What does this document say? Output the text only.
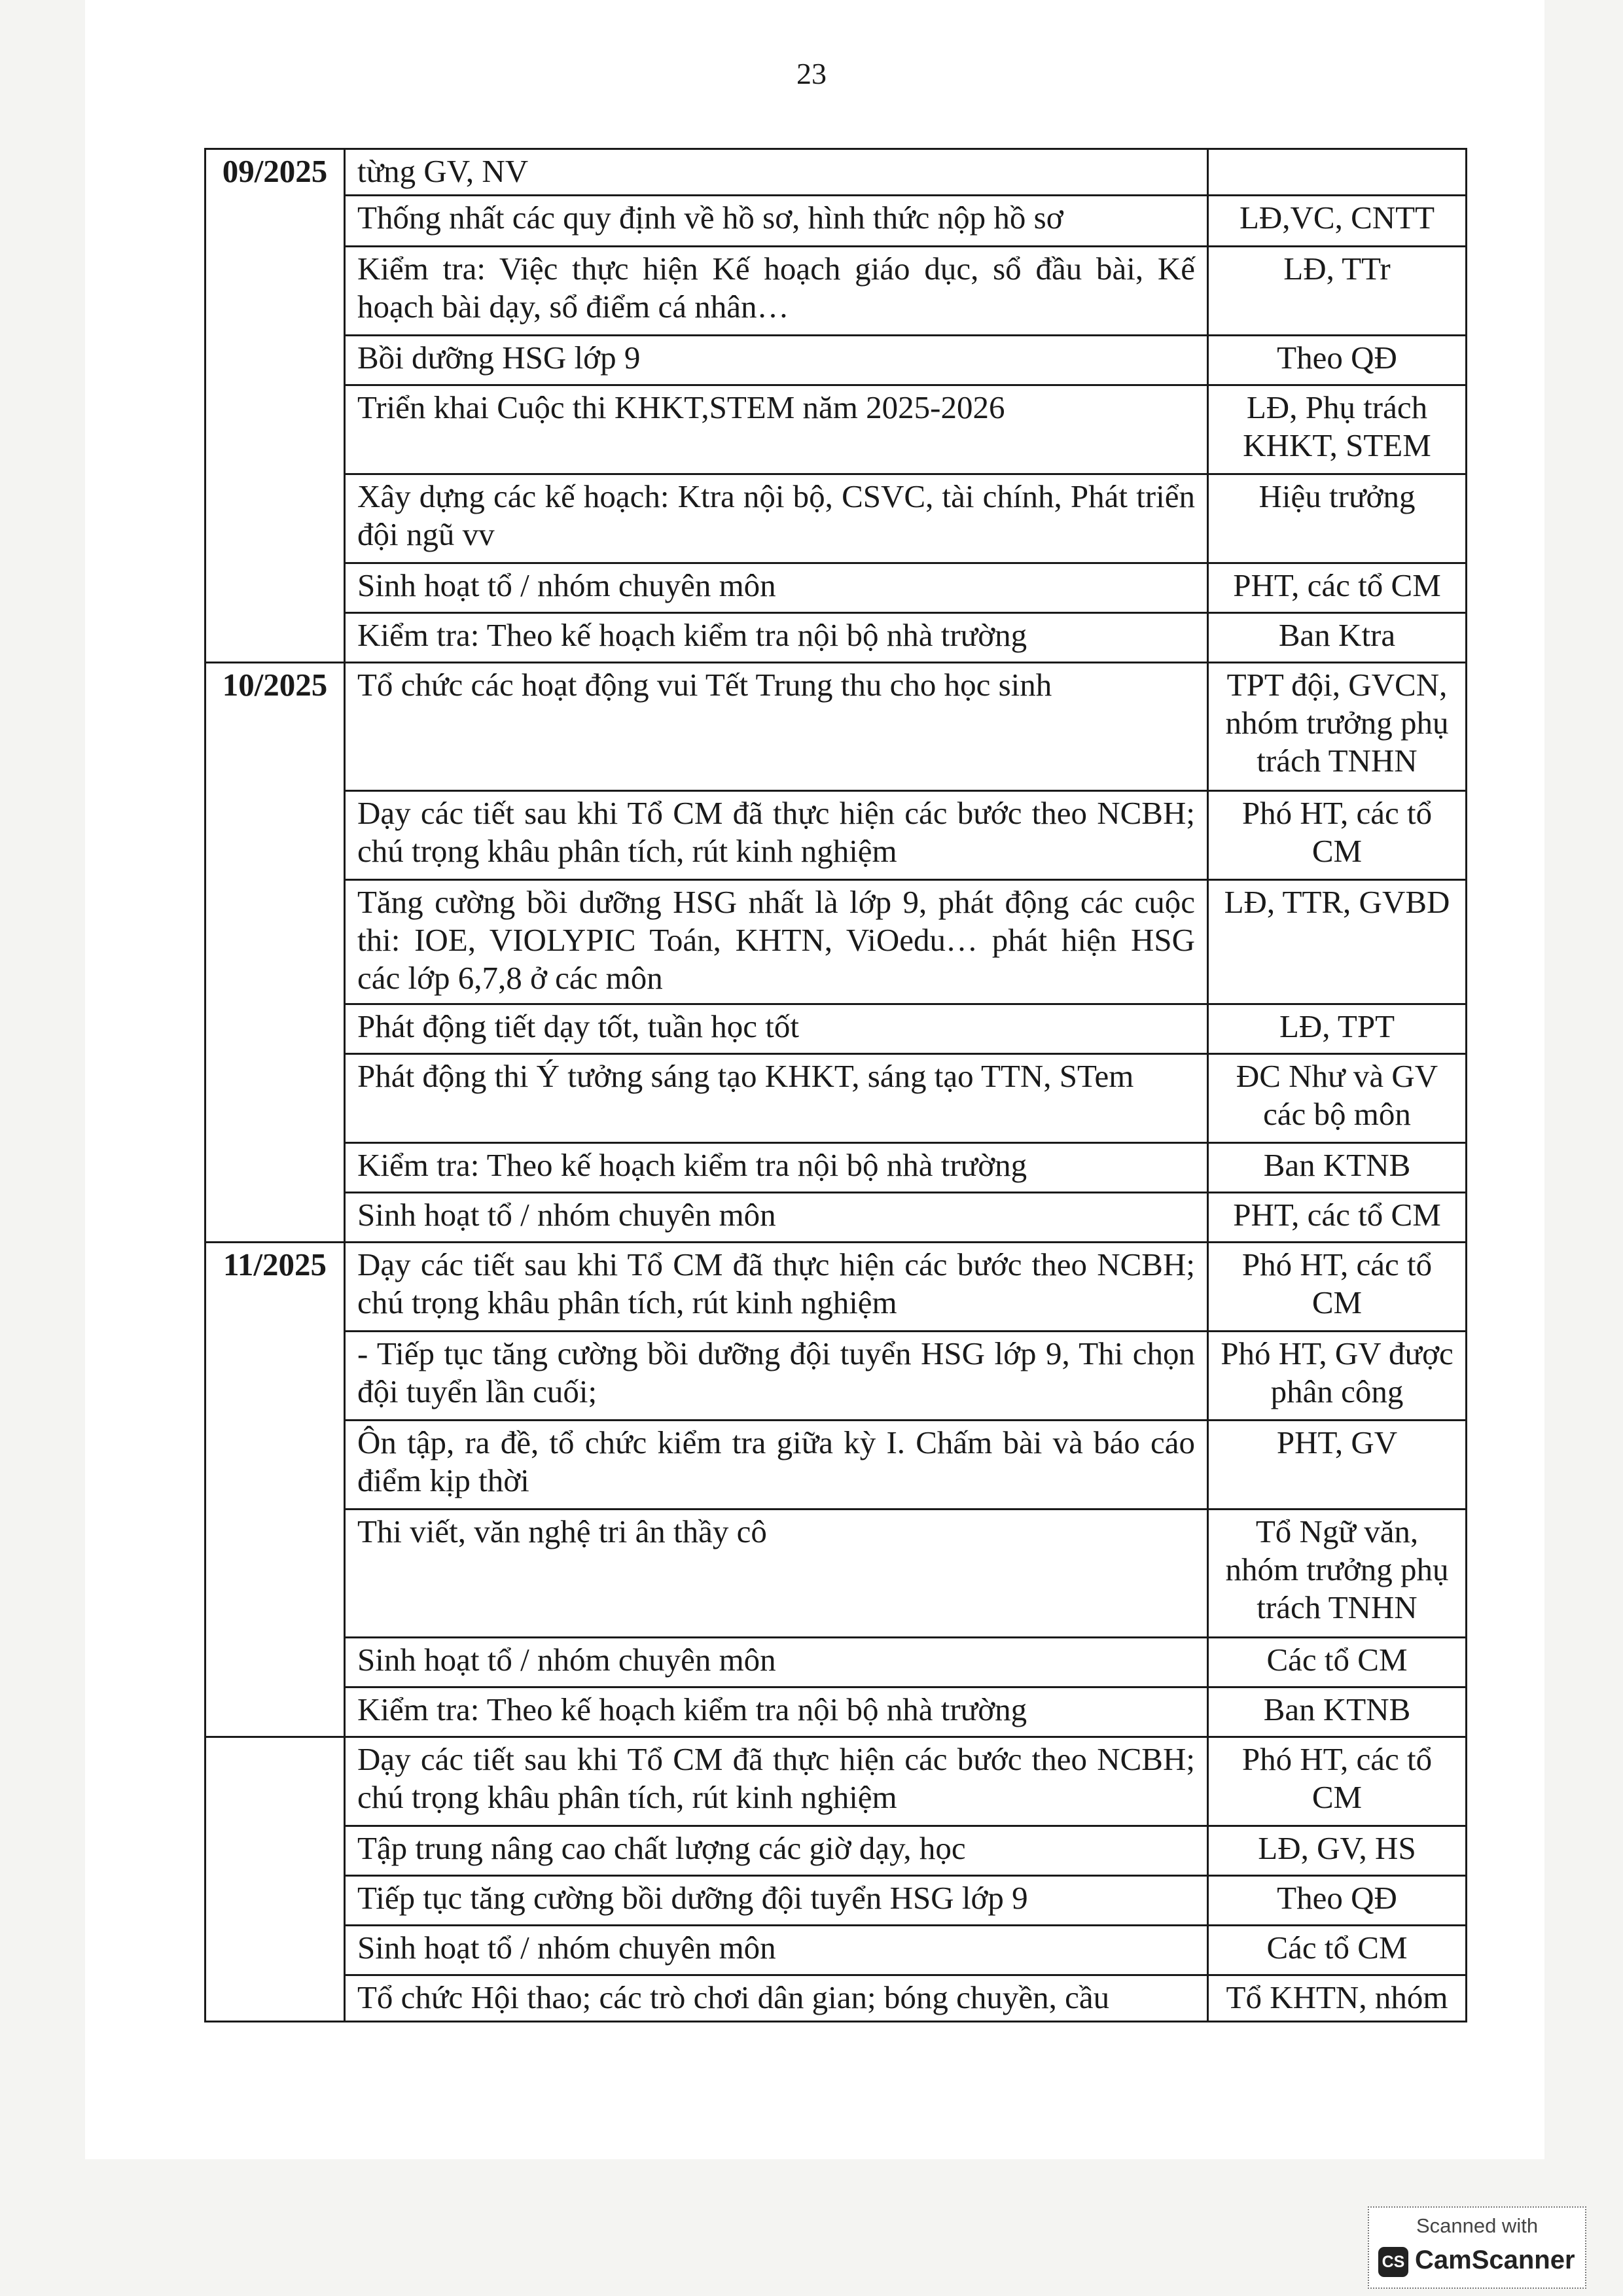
23
09/2025	từng GV, NV	
	Thống nhất các quy định về hồ sơ, hình thức nộp hồ sơ	LĐ,VC, CNTT
	Kiểm tra: Việc thực hiện Kế hoạch giáo dục, sổ đầu bài, Kế hoạch bài dạy, sổ điểm cá nhân…	LĐ, TTr
	Bồi dưỡng HSG lớp 9	Theo QĐ
	Triển khai Cuộc thi KHKT,STEM năm 2025-2026	LĐ, Phụ trách KHKT, STEM
	Xây dựng các kế hoạch: Ktra nội bộ, CSVC, tài chính, Phát triển đội ngũ vv	Hiệu trưởng
	Sinh hoạt tổ / nhóm chuyên môn	PHT, các tổ CM
	Kiểm tra: Theo kế hoạch kiểm tra nội bộ nhà trường	Ban Ktra
10/2025	Tổ chức các hoạt động vui Tết Trung thu cho học sinh	TPT đội, GVCN, nhóm trưởng phụ trách TNHN
	Dạy các tiết sau khi Tổ CM đã thực hiện các bước theo NCBH; chú trọng khâu phân tích, rút kinh nghiệm	Phó HT, các tổ CM
	Tăng cường bồi dưỡng HSG nhất là lớp 9, phát động các cuộc thi: IOE, VIOLYPIC Toán, KHTN, ViOedu… phát hiện HSG các lớp 6,7,8 ở các môn	LĐ, TTR, GVBD
	Phát động tiết dạy tốt, tuần học tốt	LĐ, TPT
	Phát động thi Ý tưởng sáng tạo KHKT, sáng tạo TTN, STem	ĐC Như và GV các bộ môn
	Kiểm tra: Theo kế hoạch kiểm tra nội bộ nhà trường	Ban KTNB
	Sinh hoạt tổ / nhóm chuyên môn	PHT, các tổ CM
11/2025	Dạy các tiết sau khi Tổ CM đã thực hiện các bước theo NCBH; chú trọng khâu phân tích, rút kinh nghiệm	Phó HT, các tổ CM
	- Tiếp tục tăng cường bồi dưỡng đội tuyển HSG lớp 9, Thi chọn đội tuyển lần cuối;	Phó HT, GV được phân công
	Ôn tập, ra đề, tổ chức kiểm tra giữa kỳ I. Chấm bài và báo cáo điểm kịp thời	PHT, GV
	Thi viết, văn nghệ tri ân thầy cô	Tổ Ngữ văn, nhóm trưởng phụ trách TNHN
	Sinh hoạt tổ / nhóm chuyên môn	Các tổ CM
	Kiểm tra: Theo kế hoạch kiểm tra nội bộ nhà trường	Ban KTNB
	Dạy các tiết sau khi Tổ CM đã thực hiện các bước theo NCBH; chú trọng khâu phân tích, rút kinh nghiệm	Phó HT, các tổ CM
	Tập trung nâng cao chất lượng các giờ dạy, học	LĐ, GV, HS
	Tiếp tục tăng cường bồi dưỡng đội tuyển HSG lớp 9	Theo QĐ
	Sinh hoạt tổ / nhóm chuyên môn	Các tổ CM
	Tổ chức Hội thao; các trò chơi dân gian; bóng chuyền, cầu	Tổ KHTN, nhóm
Scanned with
CS CamScanner
